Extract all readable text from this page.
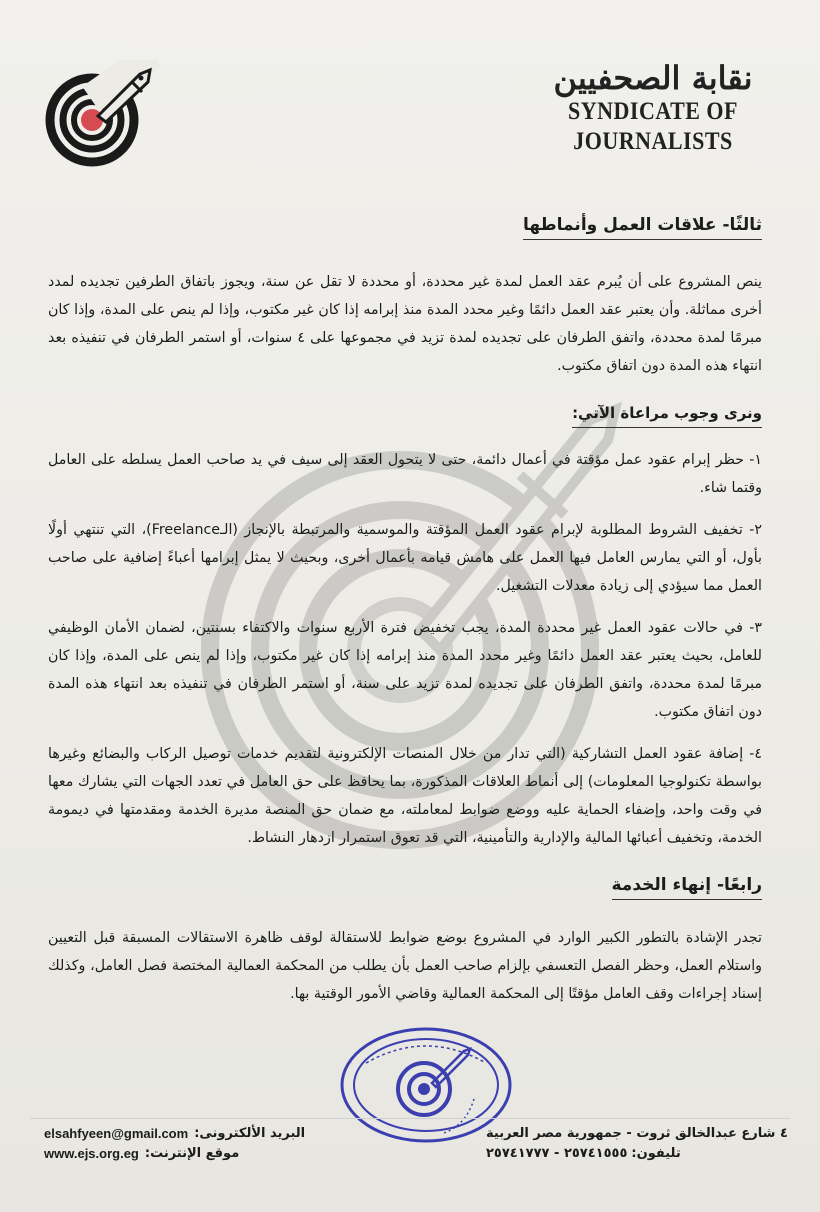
نقابة الصحفيين
SYNDICATE OF JOURNALISTS
ثالثًا- علاقات العمل وأنماطها

ينص المشروع على أن يُبرم عقد العمل لمدة غير محددة، أو محددة لا تقل عن سنة، ويجوز باتفاق الطرفين تجديده لمدد أخرى مماثلة. وأن يعتبر عقد العمل دائمًا وغير محدد المدة منذ إبرامه إذا كان غير مكتوب، وإذا لم ينص على المدة، وإذا كان مبرمًا لمدة محددة، واتفق الطرفان على تجديده لمدة تزيد في مجموعها على ٤ سنوات، أو استمر الطرفان في تنفيذه بعد انتهاء هذه المدة دون اتفاق مكتوب.

ونرى وجوب مراعاة الآتي:

١- حظر إبرام عقود عمل مؤقتة في أعمال دائمة، حتى لا يتحول العقد إلى سيف في يد صاحب العمل يسلطه على العامل وقتما شاء.

٢- تخفيف الشروط المطلوبة لإبرام عقود العمل المؤقتة والموسمية والمرتبطة بالإنجاز (الـFreelance)، التي تنتهي أولًا بأول، أو التي يمارس العامل فيها العمل على هامش قيامه بأعمال أخرى، وبحيث لا يمثل إبرامها أعباءً إضافية على صاحب العمل مما سيؤدي إلى زيادة معدلات التشغيل.

٣- في حالات عقود العمل غير محددة المدة، يجب تخفيض فترة الأربع سنوات والاكتفاء بسنتين، لضمان الأمان الوظيفي للعامل، بحيث يعتبر عقد العمل دائمًا وغير محدد المدة منذ إبرامه إذا كان غير مكتوب، وإذا لم ينص على المدة، وإذا كان مبرمًا لمدة محددة، واتفق الطرفان على تجديده لمدة تزيد على سنة، أو استمر الطرفان في تنفيذه بعد انتهاء هذه المدة دون اتفاق مكتوب.

٤- إضافة عقود العمل التشاركية (التي تدار من خلال المنصات الإلكترونية لتقديم خدمات توصيل الركاب والبضائع وغيرها بواسطة تكنولوجيا المعلومات) إلى أنماط العلاقات المذكورة، بما يحافظ على حق العامل في تعدد الجهات التي يشارك معها في وقت واحد، وإضفاء الحماية عليه ووضع ضوابط لمعاملته، مع ضمان حق المنصة مديرة الخدمة ومقدمتها في ديمومة الخدمة، وتخفيف أعبائها المالية والإدارية والتأمينية، التي قد تعوق استمرار ازدهار النشاط.

رابعًا- إنهاء الخدمة

تجدر الإشادة بالتطور الكبير الوارد في المشروع بوضع ضوابط للاستقالة لوقف ظاهرة الاستقالات المسبقة قبل التعيين واستلام العمل، وحظر الفصل التعسفي بإلزام صاحب العمل بأن يطلب من المحكمة العمالية المختصة فصل العامل، وكذلك إسناد إجراءات وقف العامل مؤقتًا إلى المحكمة العمالية وقاضي الأمور الوقتية بها.

elsahfyeen@gmail.com البريد الألكترونى:
www.ejs.org.eg موقع الإنترنت:
٤ شارع عبدالخالق ثروت - جمهورية مصر العربية
تليفون:
٢٥٧٤١٥٥٥ - ٢٥٧٤١٧٧٧
